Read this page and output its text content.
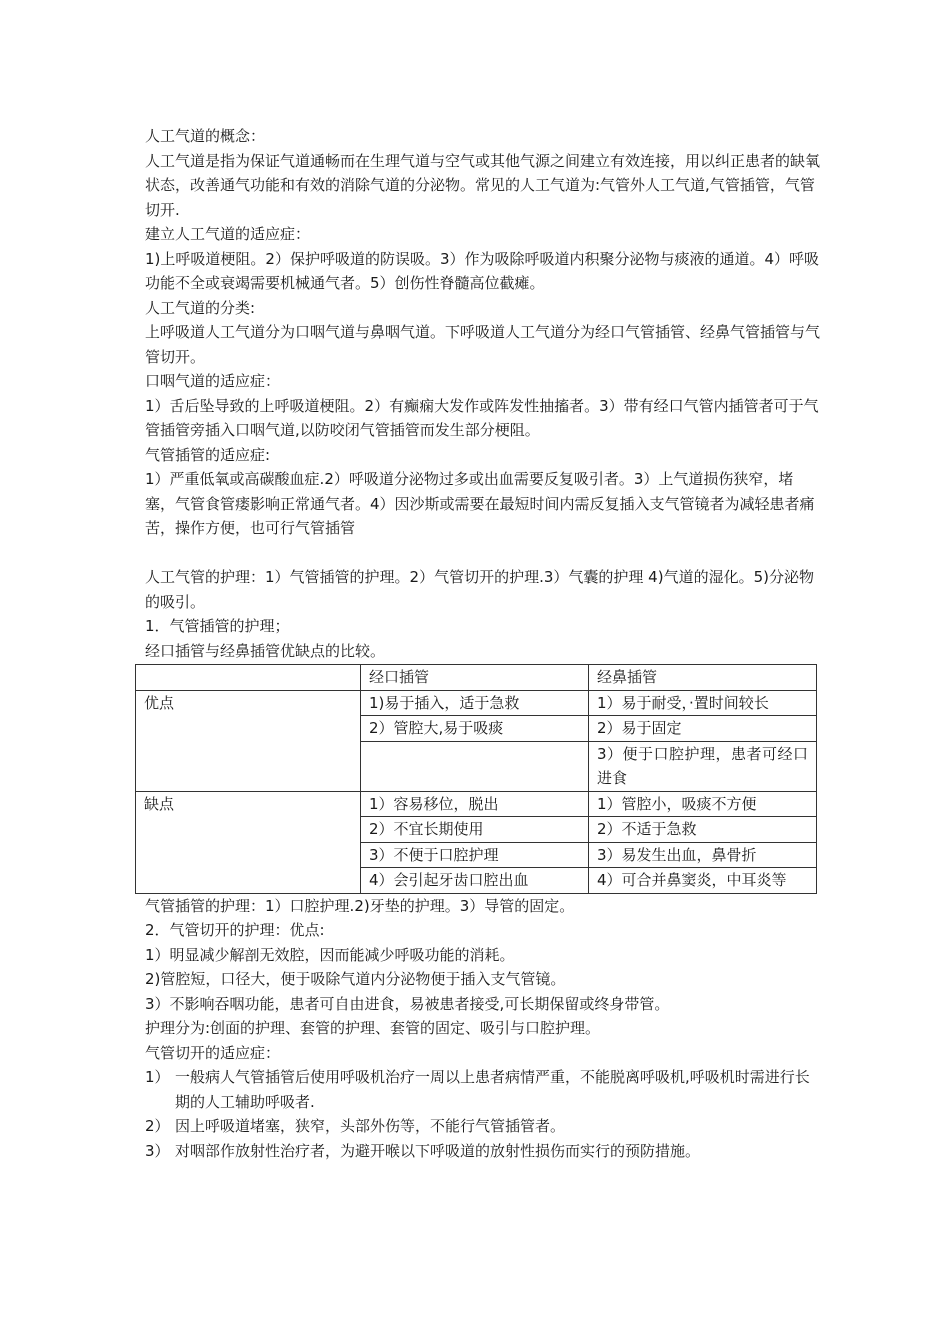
人工气道的概念：

人工气道是指为保证气道通畅而在生理气道与空气或其他气源之间建立有效连接，用以纠正患者的缺氧状态，改善通气功能和有效的消除气道的分泌物。常见的人工气道为:气管外人工气道,气管插管，气管切开.

建立人工气道的适应症：

1)上呼吸道梗阻。2）保护呼吸道的防误吸。3）作为吸除呼吸道内积聚分泌物与痰液的通道。4）呼吸功能不全或衰竭需要机械通气者。5）创伤性脊髓高位截瘫。

人工气道的分类:

上呼吸道人工气道分为口咽气道与鼻咽气道。下呼吸道人工气道分为经口气管插管、经鼻气管插管与气管切开。

口咽气道的适应症：

1）舌后坠导致的上呼吸道梗阻。2）有癫痫大发作或阵发性抽搐者。3）带有经口气管内插管者可于气管插管旁插入口咽气道,以防咬闭气管插管而发生部分梗阻。

气管插管的适应症:

1）严重低氧或高碳酸血症.2）呼吸道分泌物过多或出血需要反复吸引者。3）上气道损伤狭窄，堵塞，气管食管瘘影响正常通气者。4）因沙斯或需要在最短时间内需反复插入支气管镜者为减轻患者痛苦，操作方便，也可行气管插管

人工气管的护理：1）气管插管的护理。2）气管切开的护理.3）气囊的护理 4)气道的湿化。5)分泌物的吸引。

1．气管插管的护理；

经口插管与经鼻插管优缺点的比较。

	经口插管	经鼻插管
优点	1)易于插入，适于急救	1）易于耐受，·置时间较长
	2）管腔大,易于吸痰	2）易于固定
		3）便于口腔护理，患者可经口进食
缺点	1）容易移位，脱出	1）管腔小，吸痰不方便
	2）不宜长期使用	2）不适于急救
	3）不便于口腔护理	3）易发生出血，鼻骨折
	4）会引起牙齿口腔出血	4）可合并鼻窦炎，中耳炎等

气管插管的护理：1）口腔护理.2)牙垫的护理。3）导管的固定。

2．气管切开的护理：优点:

1）明显减少解剖无效腔，因而能减少呼吸功能的消耗。

2)管腔短，口径大，便于吸除气道内分泌物便于插入支气管镜。

3）不影响吞咽功能，患者可自由进食，易被患者接受,可长期保留或终身带管。

护理分为:创面的护理、套管的护理、套管的固定、吸引与口腔护理。

气管切开的适应症：

1） 一般病人气管插管后使用呼吸机治疗一周以上患者病情严重，不能脱离呼吸机,呼吸机时需进行长期的人工辅助呼吸者.
2） 因上呼吸道堵塞，狭窄，头部外伤等，不能行气管插管者。
3） 对咽部作放射性治疗者，为避开喉以下呼吸道的放射性损伤而实行的预防措施。
